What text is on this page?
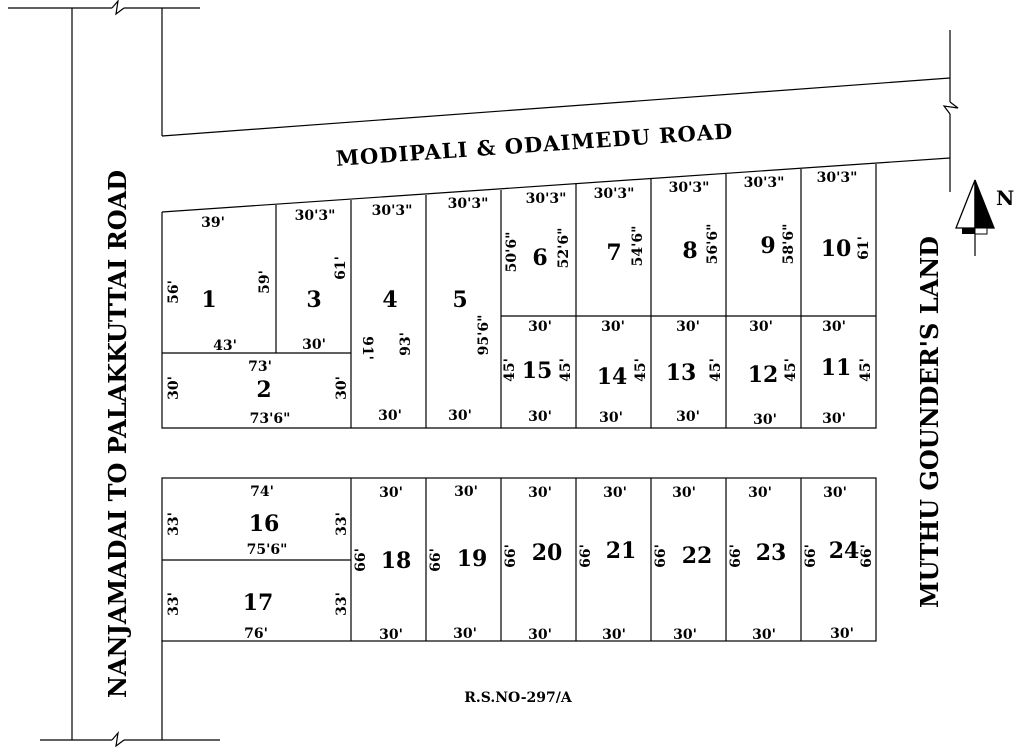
MODIPALI & ODAIMEDU ROAD
NANJAMADAI TO PALAKKUTTAI ROAD	MUTHU GOUNDER'S LAND
R.S.NO-297/A
N
1
39'
43'
56'	59'
2
73'
73'6"
30'	30'
3
30'3"
30'
61'
4
30'3"
30'
91' 93'
5
30'3"
30'
95'6"
6
30'3"
50'6"	52'6" 7
30'3"
54'6" 8
30'3"
56'6" 9
30'3"
58'6" 10
30'3"
61'
15
30'
30'
45'	45' 14
30'
30'
45' 13
30'
30'
45' 12
30'
30'
45' 11
30'
30'
45'
16
74'
75'6"
33'	33'
17
76'
33'	33'
18
30'
30'
66'	19
30'
30'
66'	20
30'
30'
66'	21
30'
30'
66'	22
30'
30'
66'	23
30'
30'
66'	24
30'
30'
66'	66'
